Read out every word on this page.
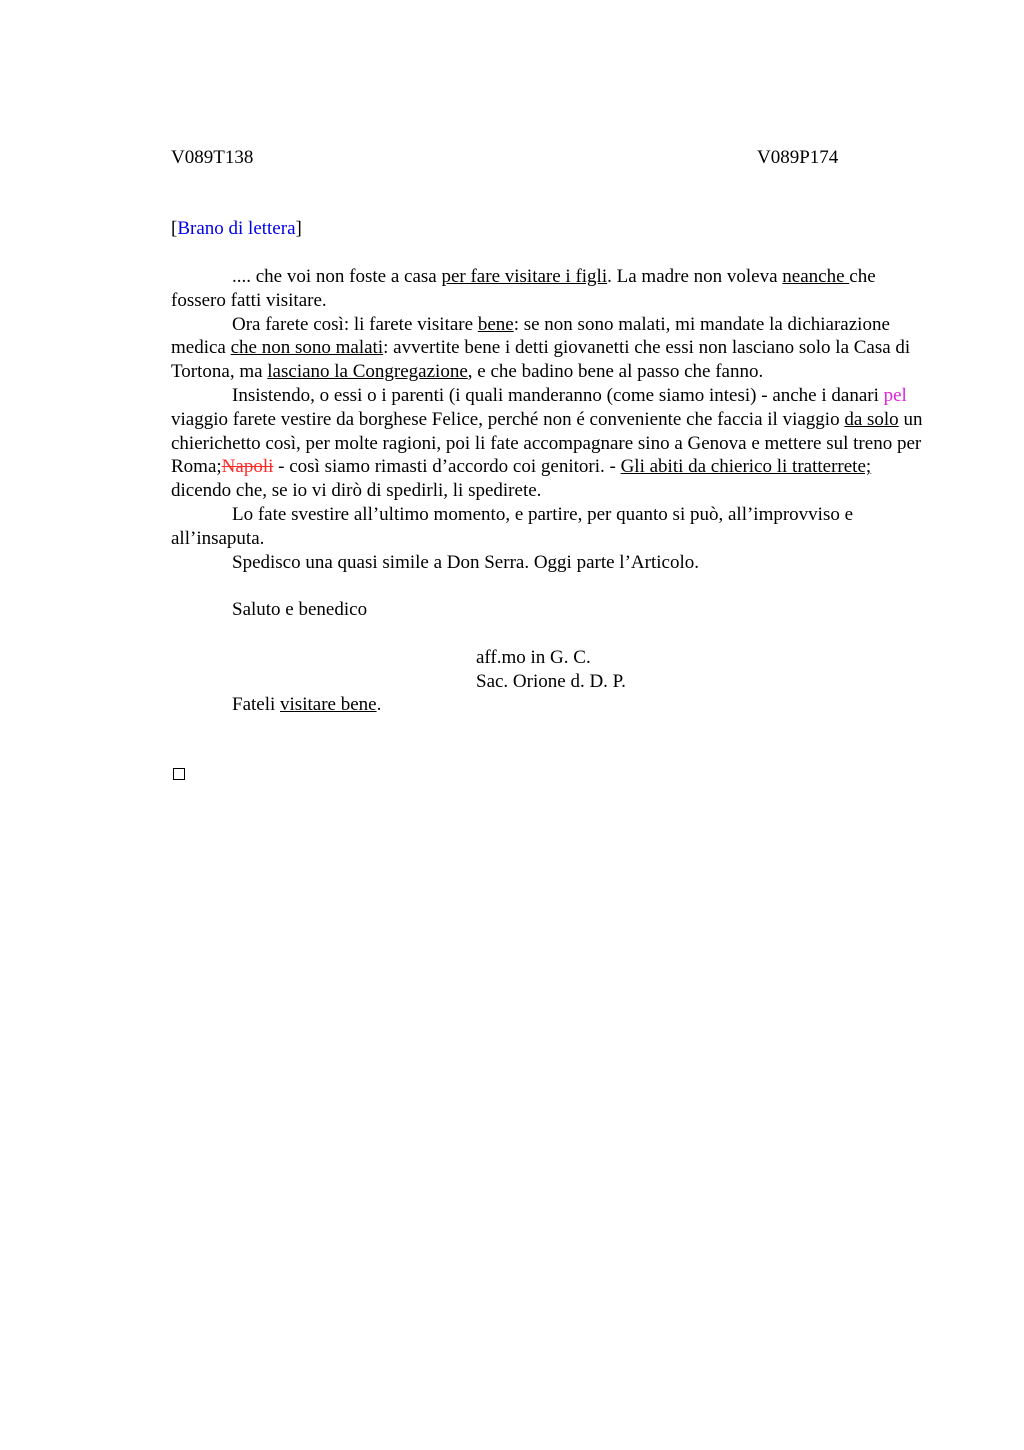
V089T138	V089P174
[Brano di lettera]

.... che voi non foste a casa per fare visitare i figli. La madre non voleva neanche che fossero fatti visitare.

Ora farete così: li farete visitare bene: se non sono malati, mi mandate la dichiarazione medica che non sono malati: avvertite bene i detti giovanetti che essi non lasciano solo la Casa di Tortona, ma lasciano la Congregazione, e che badino bene al passo che fanno.

Insistendo, o essi o i parenti (i quali manderanno (come siamo intesi) - anche i danari pel viaggio farete vestire da borghese Felice, perché non é conveniente che faccia il viaggio da solo un chierichetto così, per molte ragioni, poi li fate accompagnare sino a Genova e mettere sul treno per Roma;Napoli - così siamo rimasti d’accordo coi genitori. - Gli abiti da chierico li tratterrete; dicendo che, se io vi dirò di spedirli, li spedirete.

Lo fate svestire all’ultimo momento, e partire, per quanto si può, all’improvviso e all’insaputa.

Spedisco una quasi simile a Don Serra. Oggi parte l’Articolo.

Saluto e benedico

aff.mo in G. C.

Sac. Orione d. D. P.

Fateli visitare bene.
